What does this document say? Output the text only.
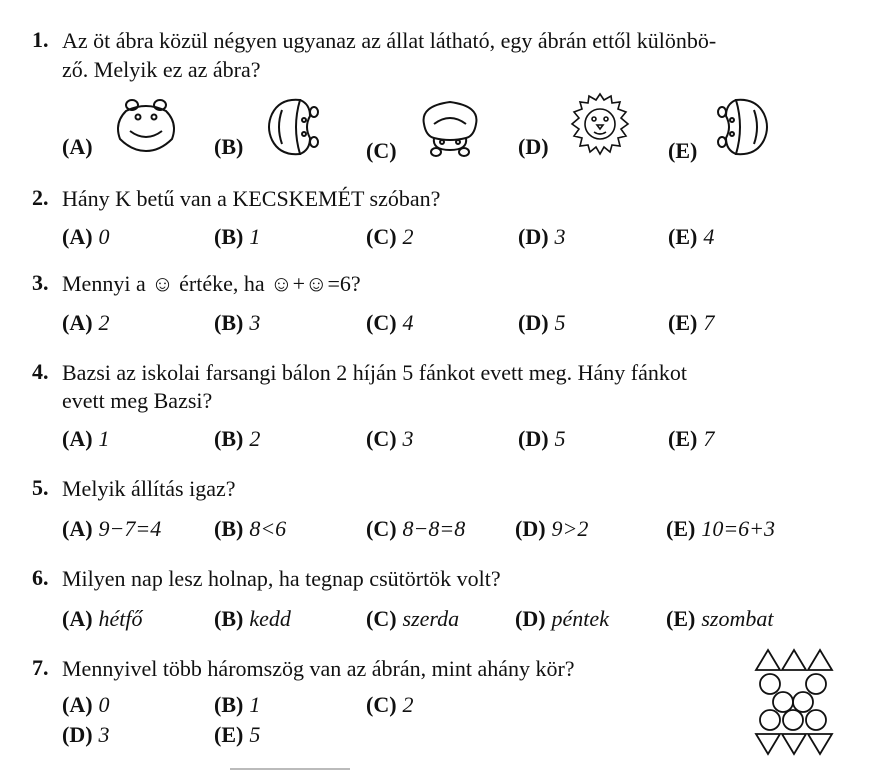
1. Az öt ábra közül négyen ugyanaz az állat látható, egy ábrán ettől különbö-
ző. Melyik ez az ábra?
(A)	(B)	(C)	(D)	(E)
2. Hány K betű van a KECSKEMÉT szóban?
(A) 0	(B) 1	(C) 2	(D) 3	(E) 4
3. Mennyi a ☺ értéke, ha ☺+☺=6?
(A) 2	(B) 3	(C) 4	(D) 5	(E) 7
4. Bazsi az iskolai farsangi bálon 2 híján 5 fánkot evett meg. Hány fánkot
evett meg Bazsi?
(A) 1	(B) 2	(C) 3	(D) 5	(E) 7
5. Melyik állítás igaz?
(A) 9−7=4 (B) 8<6	(C) 8−8=8 (D) 9>2	(E) 10=6+3
6. Milyen nap lesz holnap, ha tegnap csütörtök volt?
(A) hétfő	(B) kedd	(C) szerda	(D) péntek	(E) szombat
7. Mennyivel több háromszög van az ábrán, mint ahány kör?
(A) 0	(B) 1	(C) 2
(D) 3	(E) 5
